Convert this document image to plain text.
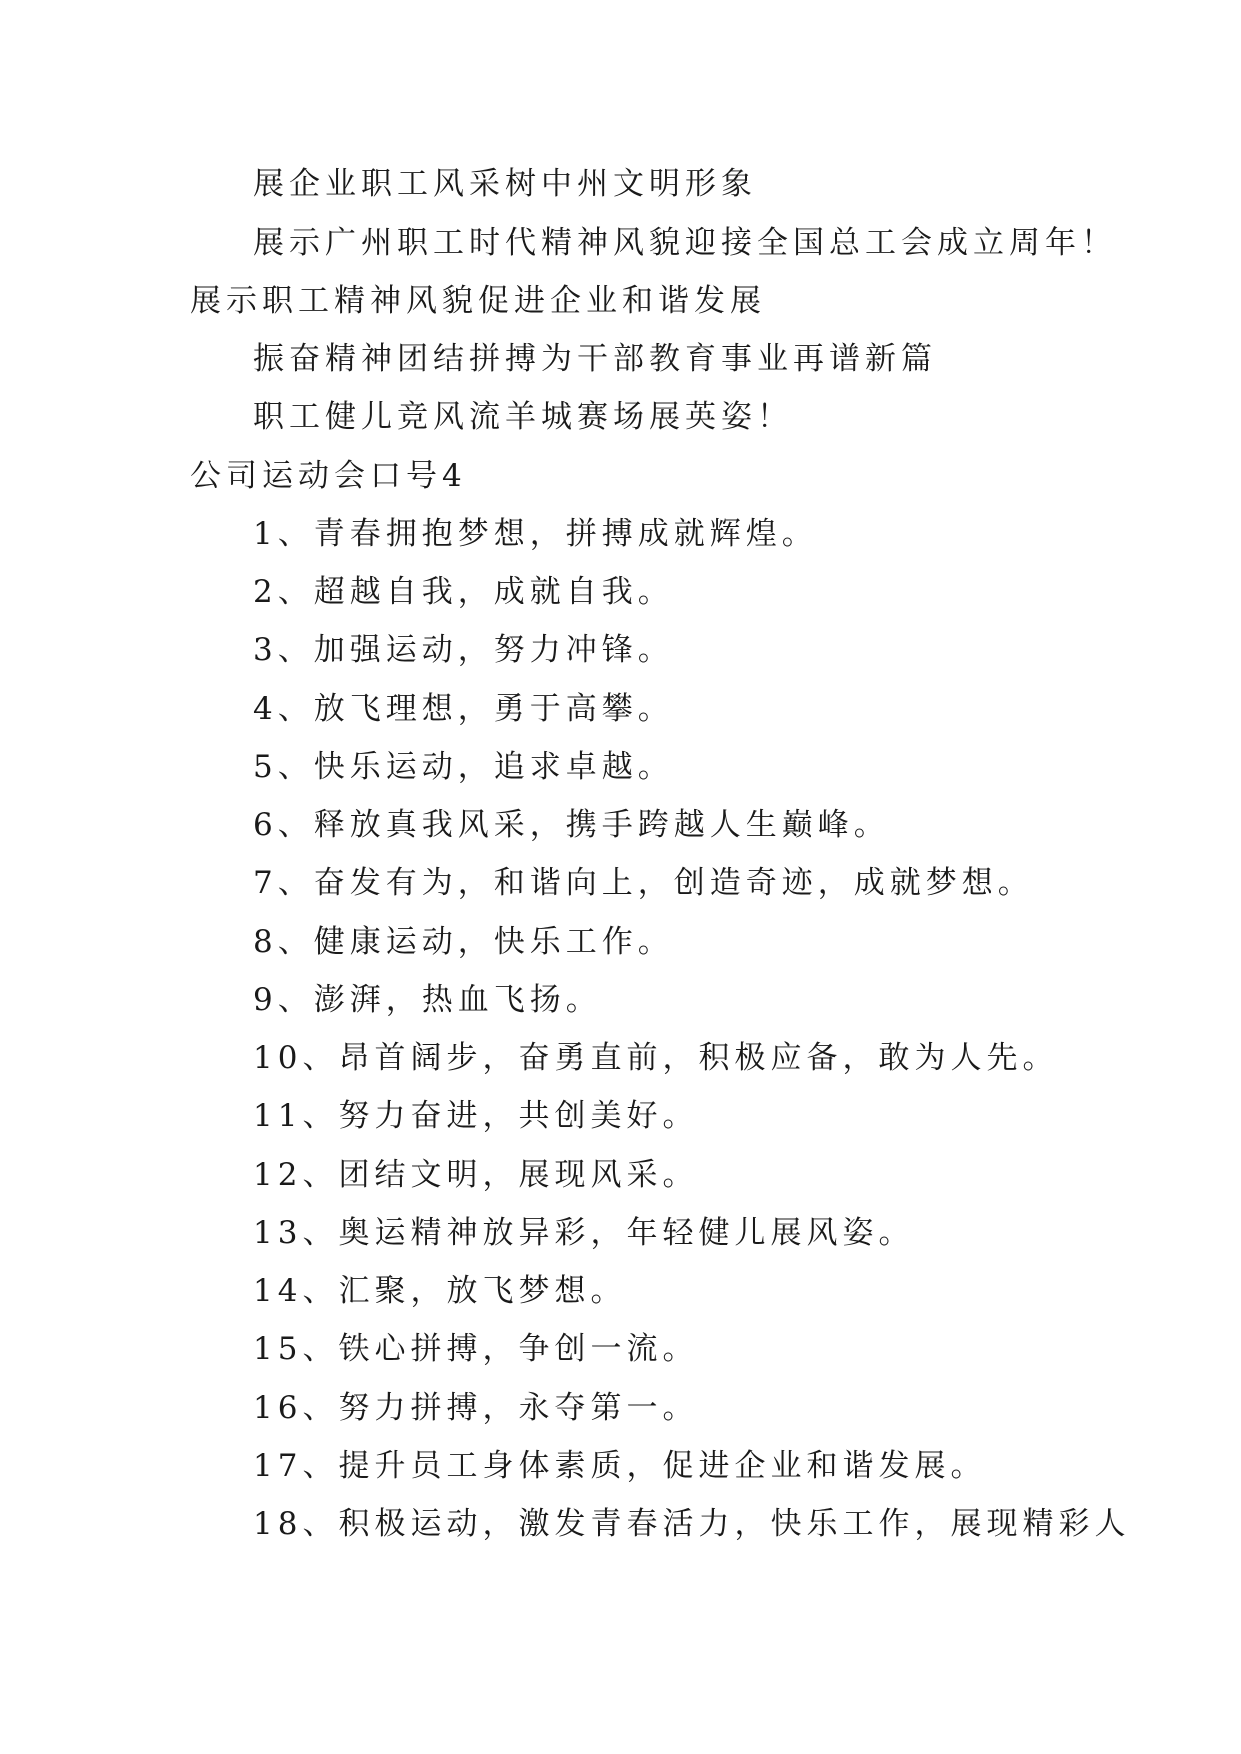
展企业职工风采树中州文明形象
展示广州职工时代精神风貌迎接全国总工会成立周年！
展示职工精神风貌促进企业和谐发展
振奋精神团结拼搏为干部教育事业再谱新篇
职工健儿竞风流羊城赛场展英姿！
公司运动会口号4
1、青春拥抱梦想，拼搏成就辉煌。
2、超越自我，成就自我。
3、加强运动，努力冲锋。
4、放飞理想，勇于高攀。
5、快乐运动，追求卓越。
6、释放真我风采，携手跨越人生巅峰。
7、奋发有为，和谐向上，创造奇迹，成就梦想。
8、健康运动，快乐工作。
9、澎湃，热血飞扬。
10、昂首阔步，奋勇直前，积极应备，敢为人先。
11、努力奋进，共创美好。
12、团结文明，展现风采。
13、奥运精神放异彩，年轻健儿展风姿。
14、汇聚，放飞梦想。
15、铁心拼搏，争创一流。
16、努力拼搏，永夺第一。
17、提升员工身体素质，促进企业和谐发展。
18、积极运动，激发青春活力，快乐工作，展现精彩人
